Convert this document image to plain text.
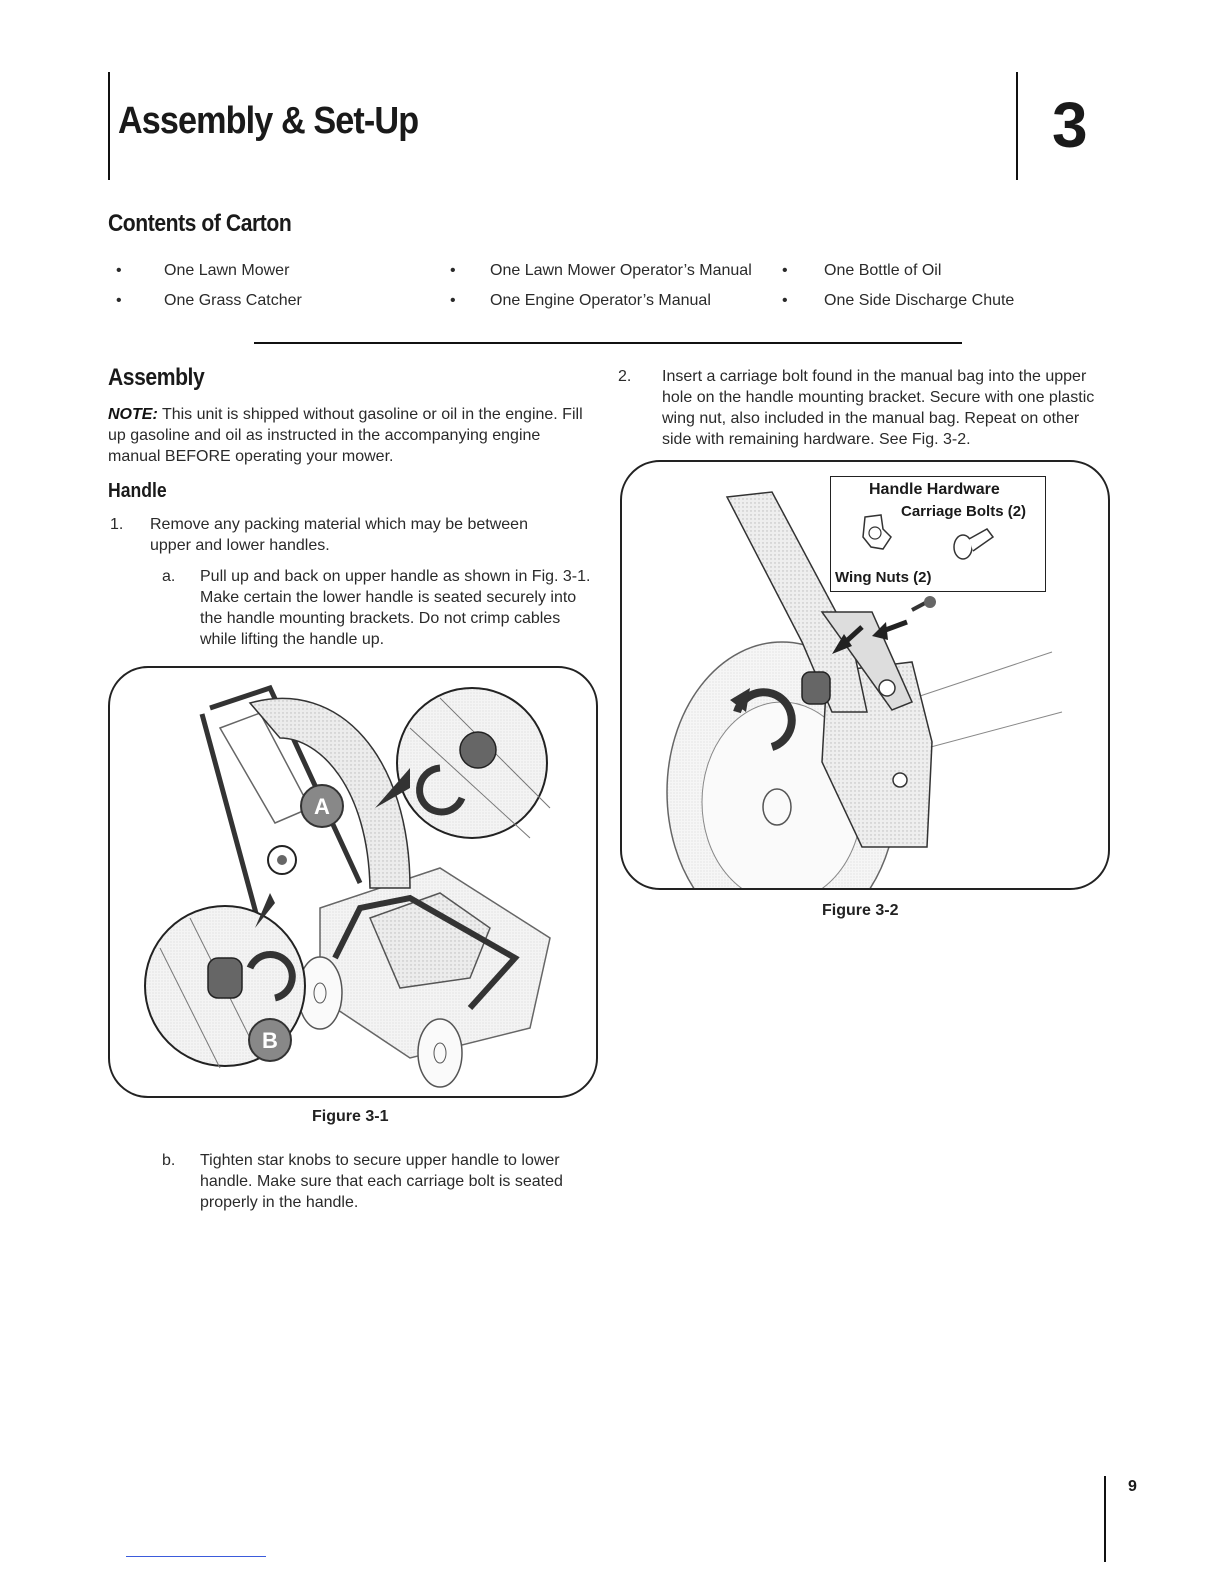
Assembly & Set-Up	3
Contents of Carton
•	One Lawn Mower	• One Lawn Mower Operator’s Manual • One Bottle of Oil
•	One Grass Catcher	• One Engine Operator’s Manual	• One Side Discharge Chute
Assembly
NOTE: This unit is shipped without gasoline or oil in the engine. Fill up gasoline and oil as instructed in the accompanying engine manual BEFORE operating your mower.
Handle
1. Remove any packing material which may be between upper and lower handles.
a. Pull up and back on upper handle as shown in Fig. 3-1. Make certain the lower handle is seated securely into the handle mounting brackets. Do not crimp cables while lifting the handle up.
A
B
Figure 3-1
b. Tighten star knobs to secure upper handle to lower handle. Make sure that each carriage bolt is seated properly in the handle.
2. Insert a carriage bolt found in the manual bag into the upper hole on the handle mounting bracket. Secure with one plastic wing nut, also included in the manual bag. Repeat on other side with remaining hardware. See Fig. 3-2.
Handle Hardware
Carriage Bolts (2)
Wing Nuts (2)
Figure 3-2
9
